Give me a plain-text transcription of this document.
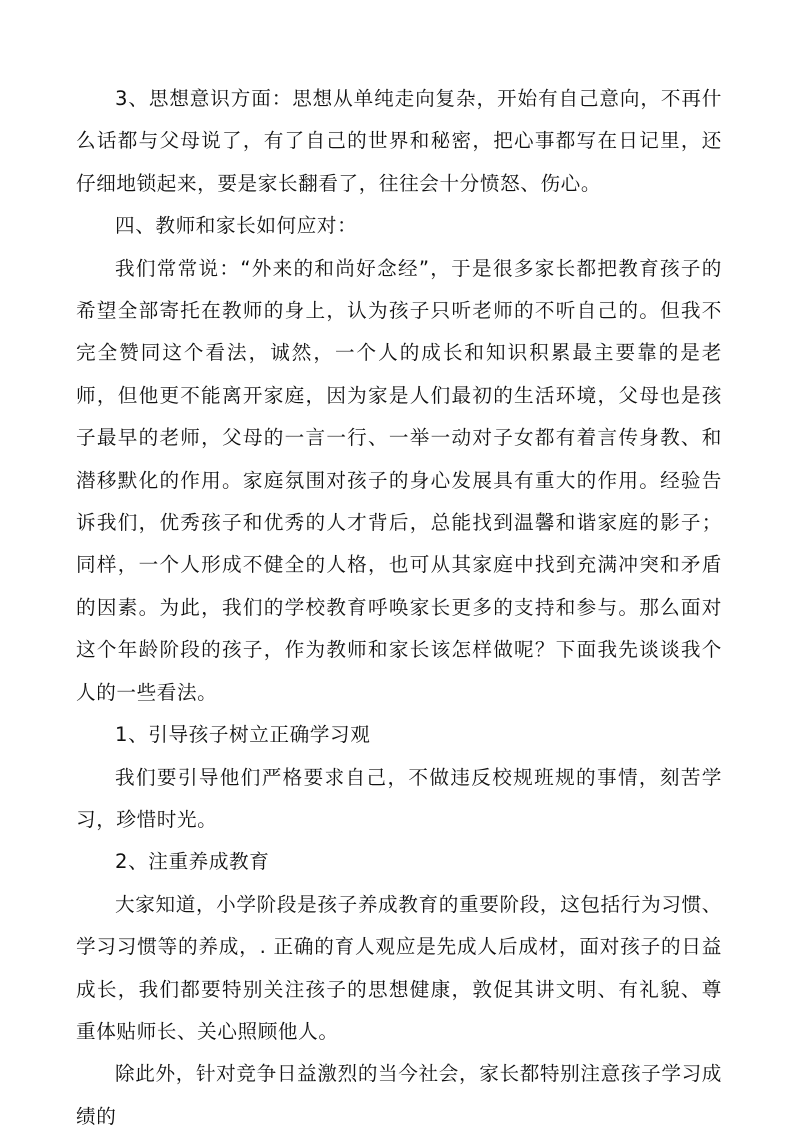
3、思想意识方面：思想从单纯走向复杂，开始有自己意向，不再什么话都与父母说了，有了自己的世界和秘密，把心事都写在日记里，还仔细地锁起来，要是家长翻看了，往往会十分愤怒、伤心。

四、教师和家长如何应对：

我们常常说：“外来的和尚好念经”，于是很多家长都把教育孩子的希望全部寄托在教师的身上，认为孩子只听老师的不听自己的。但我不完全赞同这个看法，诚然，一个人的成长和知识积累最主要靠的是老师，但他更不能离开家庭，因为家是人们最初的生活环境，父母也是孩子最早的老师，父母的一言一行、一举一动对子女都有着言传身教、和潜移默化的作用。家庭氛围对孩子的身心发展具有重大的作用。经验告诉我们，优秀孩子和优秀的人才背后，总能找到温馨和谐家庭的影子；同样，一个人形成不健全的人格，也可从其家庭中找到充满冲突和矛盾的因素。为此，我们的学校教育呼唤家长更多的支持和参与。那么面对这个年龄阶段的孩子，作为教师和家长该怎样做呢？下面我先谈谈我个人的一些看法。

1、引导孩子树立正确学习观

我们要引导他们严格要求自己，不做违反校规班规的事情，刻苦学习，珍惜时光。

2、注重养成教育

大家知道，小学阶段是孩子养成教育的重要阶段，这包括行为习惯、学习习惯等的养成，. 正确的育人观应是先成人后成材，面对孩子的日益成长，我们都要特别关注孩子的思想健康，敦促其讲文明、有礼貌、尊重体贴师长、关心照顾他人。

除此外，针对竞争日益激烈的当今社会，家长都特别注意孩子学习成绩的
